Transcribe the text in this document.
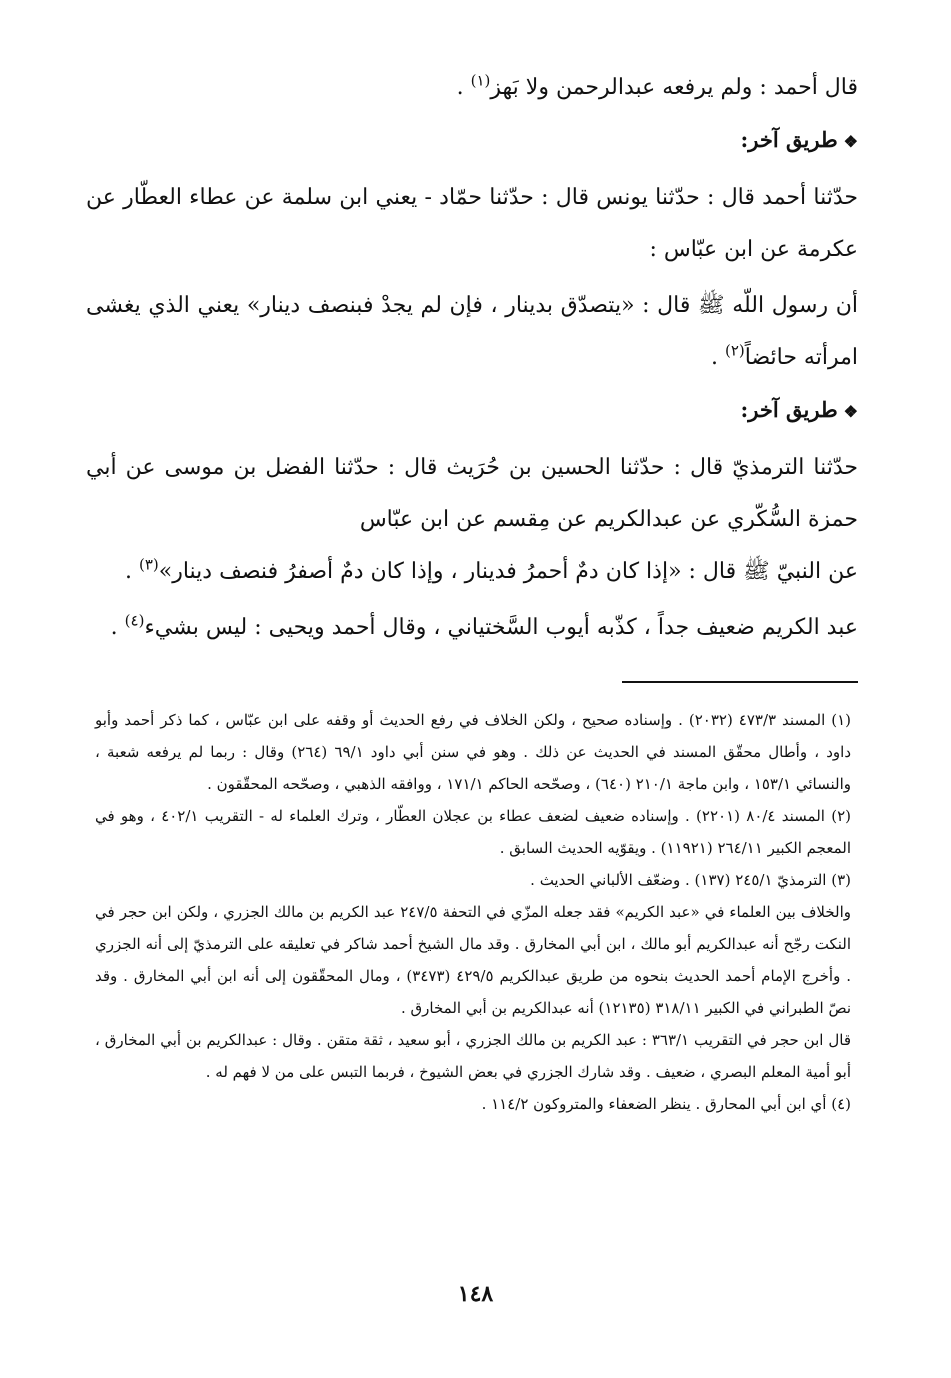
قال أحمد : ولم يرفعه عبدالرحمن ولا بَهز$^{(١)}$ .

❖طريق آخر:

حدّثنا أحمد قال : حدّثنا يونس قال : حدّثنا حمّاد - يعني ابن سلمة عن عطاء العطّار عن عكرمة عن ابن عبّاس :

أن رسول اللّه ﷺ قال : «يتصدّق بدينار ، فإن لم يجدْ فبنصف دينار» يعني الذي يغشى امرأته حائضاً$^{(٢)}$ .

❖طريق آخر:

حدّثنا الترمذيّ قال : حدّثنا الحسين بن حُرَيث قال : حدّثنا الفضل بن موسى عن أبي حمزة السُّكّري عن عبدالكريم عن مِقسم عن ابن عبّاس

عن النبيّ ﷺ قال : «إذا كان دمٌ أحمرُ فدينار ، وإذا كان دمٌ أصفرُ فنصف دينار»$^{(٣)}$ .

عبد الكريم ضعيف جداً ، كذّبه أيوب السَّختياني ، وقال أحمد ويحيى : ليس بشيء$^{(٤)}$ .

(١) المسند ٤٧٣/٣ (٢٠٣٢) . وإسناده صحيح ، ولكن الخلاف في رفع الحديث أو وقفه على ابن عبّاس ، كما ذكر أحمد وأبو داود ، وأطال محقّق المسند في الحديث عن ذلك . وهو في سنن أبي داود ٦٩/١ (٢٦٤) وقال : ربما لم يرفعه شعبة ، والنسائي ١٥٣/١ ، وابن ماجة ٢١٠/١ (٦٤٠) ، وصحّحه الحاكم ١٧١/١ ، ووافقه الذهبي ، وصحّحه المحقّقون .

(٢) المسند ٨٠/٤ (٢٢٠١) . وإسناده ضعيف لضعف عطاء بن عجلان العطّار ، وترك العلماء له - التقريب ٤٠٢/١ ، وهو في المعجم الكبير ٢٦٤/١١ (١١٩٢١) . ويقوّيه الحديث السابق .

(٣) الترمذيّ ٢٤٥/١ (١٣٧) . وضعّف الألباني الحديث .

والخلاف بين العلماء في «عبد الكريم» فقد جعله المزّي في التحفة ٢٤٧/٥ عبد الكريم بن مالك الجزري ، ولكن ابن حجر في النكت رجّح أنه عبدالكريم أبو مالك ، ابن أبي المخارق . وقد مال الشيخ أحمد شاكر في تعليقه على الترمذيّ إلى أنه الجزري . وأخرج الإمام أحمد الحديث بنحوه من طريق عبدالكريم ٤٢٩/٥ (٣٤٧٣) ، ومال المحقّقون إلى أنه ابن أبي المخارق . وقد نصّ الطبراني في الكبير ٣١٨/١١ (١٢١٣٥) أنه عبدالكريم بن أبي المخارق .

قال ابن حجر في التقريب ٣٦٣/١ : عبد الكريم بن مالك الجزري ، أبو سعيد ، ثقة متقن . وقال : عبدالكريم بن أبي المخارق ، أبو أمية المعلم البصري ، ضعيف . وقد شارك الجزري في بعض الشيوخ ، فربما التبس على من لا فهم له .

(٤) أي ابن أبي المحارق . ينظر الضعفاء والمتروكون ١١٤/٢ .

١٤٨
